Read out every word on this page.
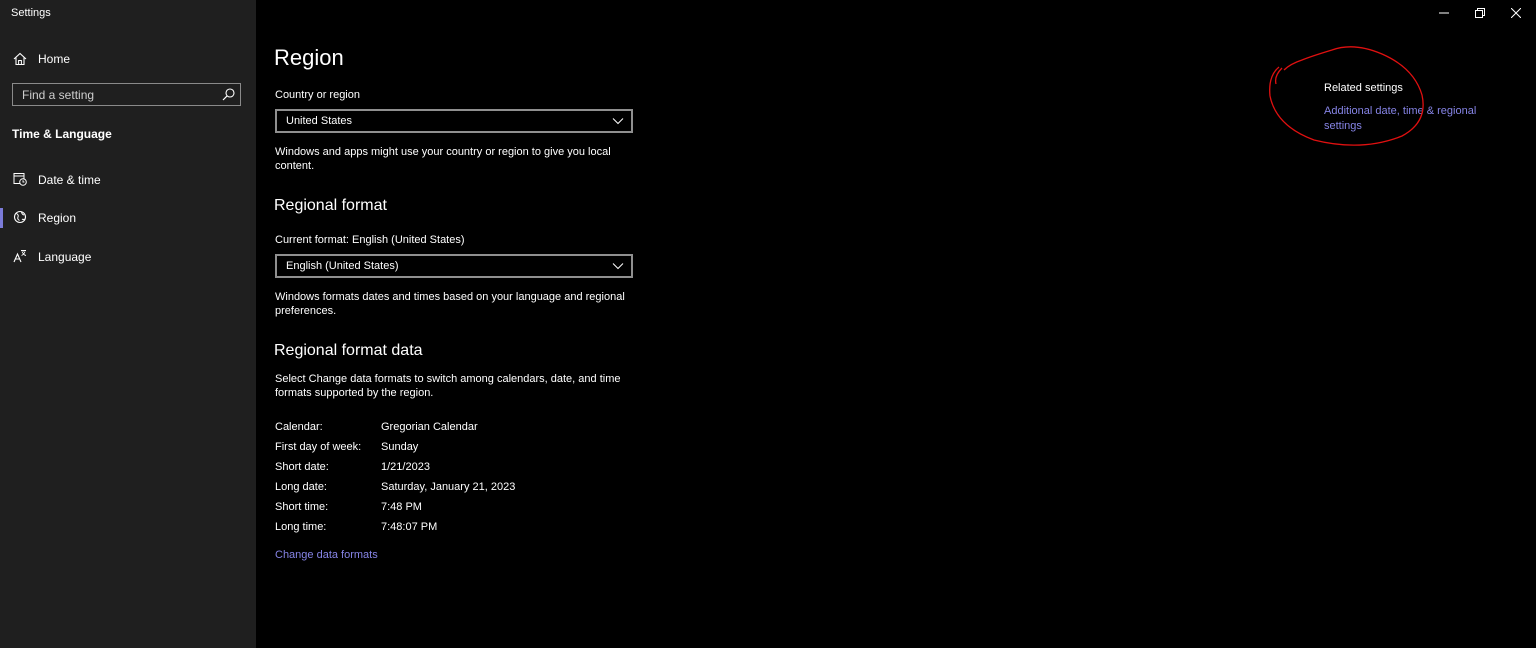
Settings
Home
Find a setting
Time & Language
Date & time
Region
Language
Region
Country or region
United States
Windows and apps might use your country or region to give you local content.
Regional format
Current format: English (United States)
English (United States)
Windows formats dates and times based on your language and regional preferences.
Regional format data
Select Change data formats to switch among calendars, date, and time formats supported by the region.
Calendar:	Gregorian Calendar
First day of week:	Sunday
Short date:	1/21/2023
Long date:	Saturday, January 21, 2023
Short time:	7:48 PM
Long time:	7:48:07 PM
Change data formats
Related settings
Additional date, time & regional settings
